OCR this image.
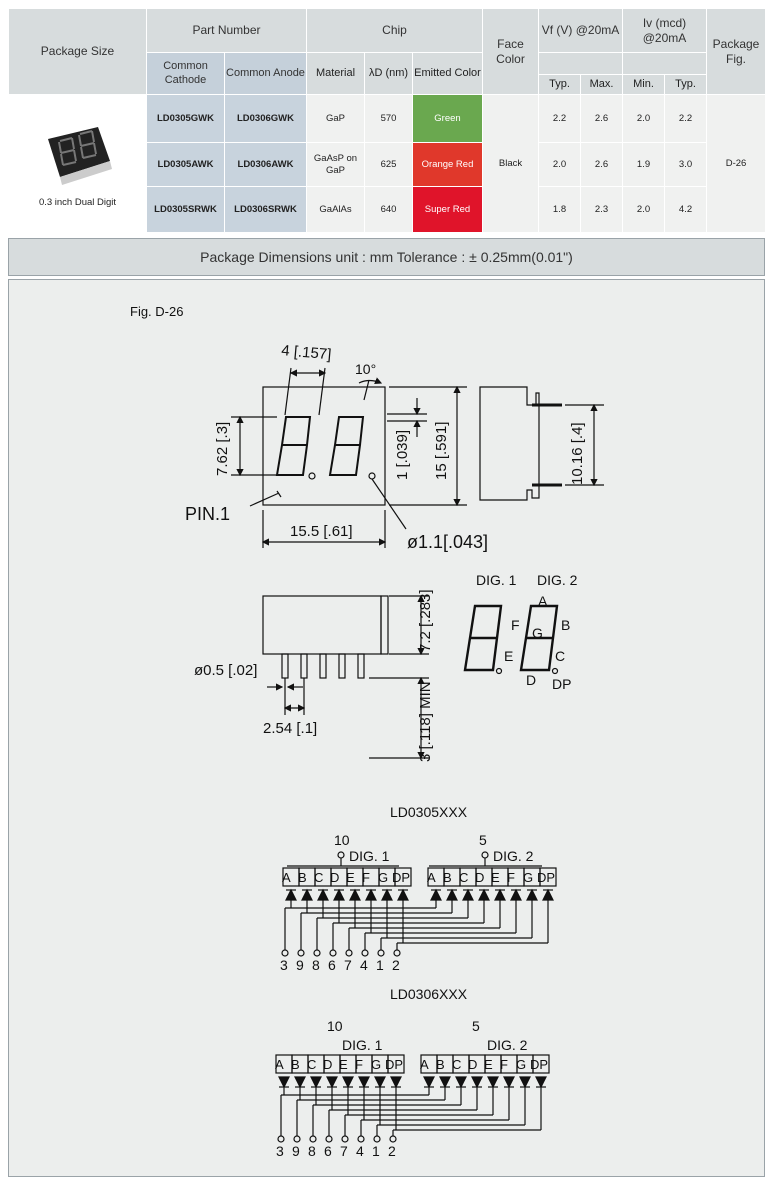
Package Size	Part Number		Chip			Face Color	Vf (V) @20mA		Iv (mcd) @20mA		Package Fig.
	Common Cathode	Common Anode	Material	λD (nm)	Emitted Color						
							Typ.	Max.	Min.	Typ.	

0.3 inch Dual Digit	LD0305GWK	LD0306GWK	GaP	570	Green	Black	2.2	2.6	2.0	2.2	D-26
	LD0305AWK	LD0306AWK	GaAsP on GaP	625	Orange Red		2.0	2.6	1.9	3.0	
	LD0305SRWK	LD0306SRWK	GaAlAs	640	Super Red		1.8	2.3	2.0	4.2	
Package Dimensions unit : mm Tolerance : ± 0.25mm(0.01")
A B C D E F G DP A B C D E F G DP
3 9 8 6 7 4 1 2
A B C D E F G DP A B C D E F G DP
3 9 8 6 7 4 1 2
Fig. D-26
4 [.157]
10°
7.62 [.3]
15.5 [.61]
1 [.039] 15 [.591]	10.16 [.4]
ø1.1[.043]
PIN.1
ø0.5 [.02]
2.54 [.1]
7.2 [.283]
3 [.118] MIN
DIG. 1 DIG. 2
A
B
C
D
E
F G
DP
LD0305XXX
10	5
DIG. 1	DIG. 2
LD0306XXX
10	5
DIG. 1	DIG. 2
